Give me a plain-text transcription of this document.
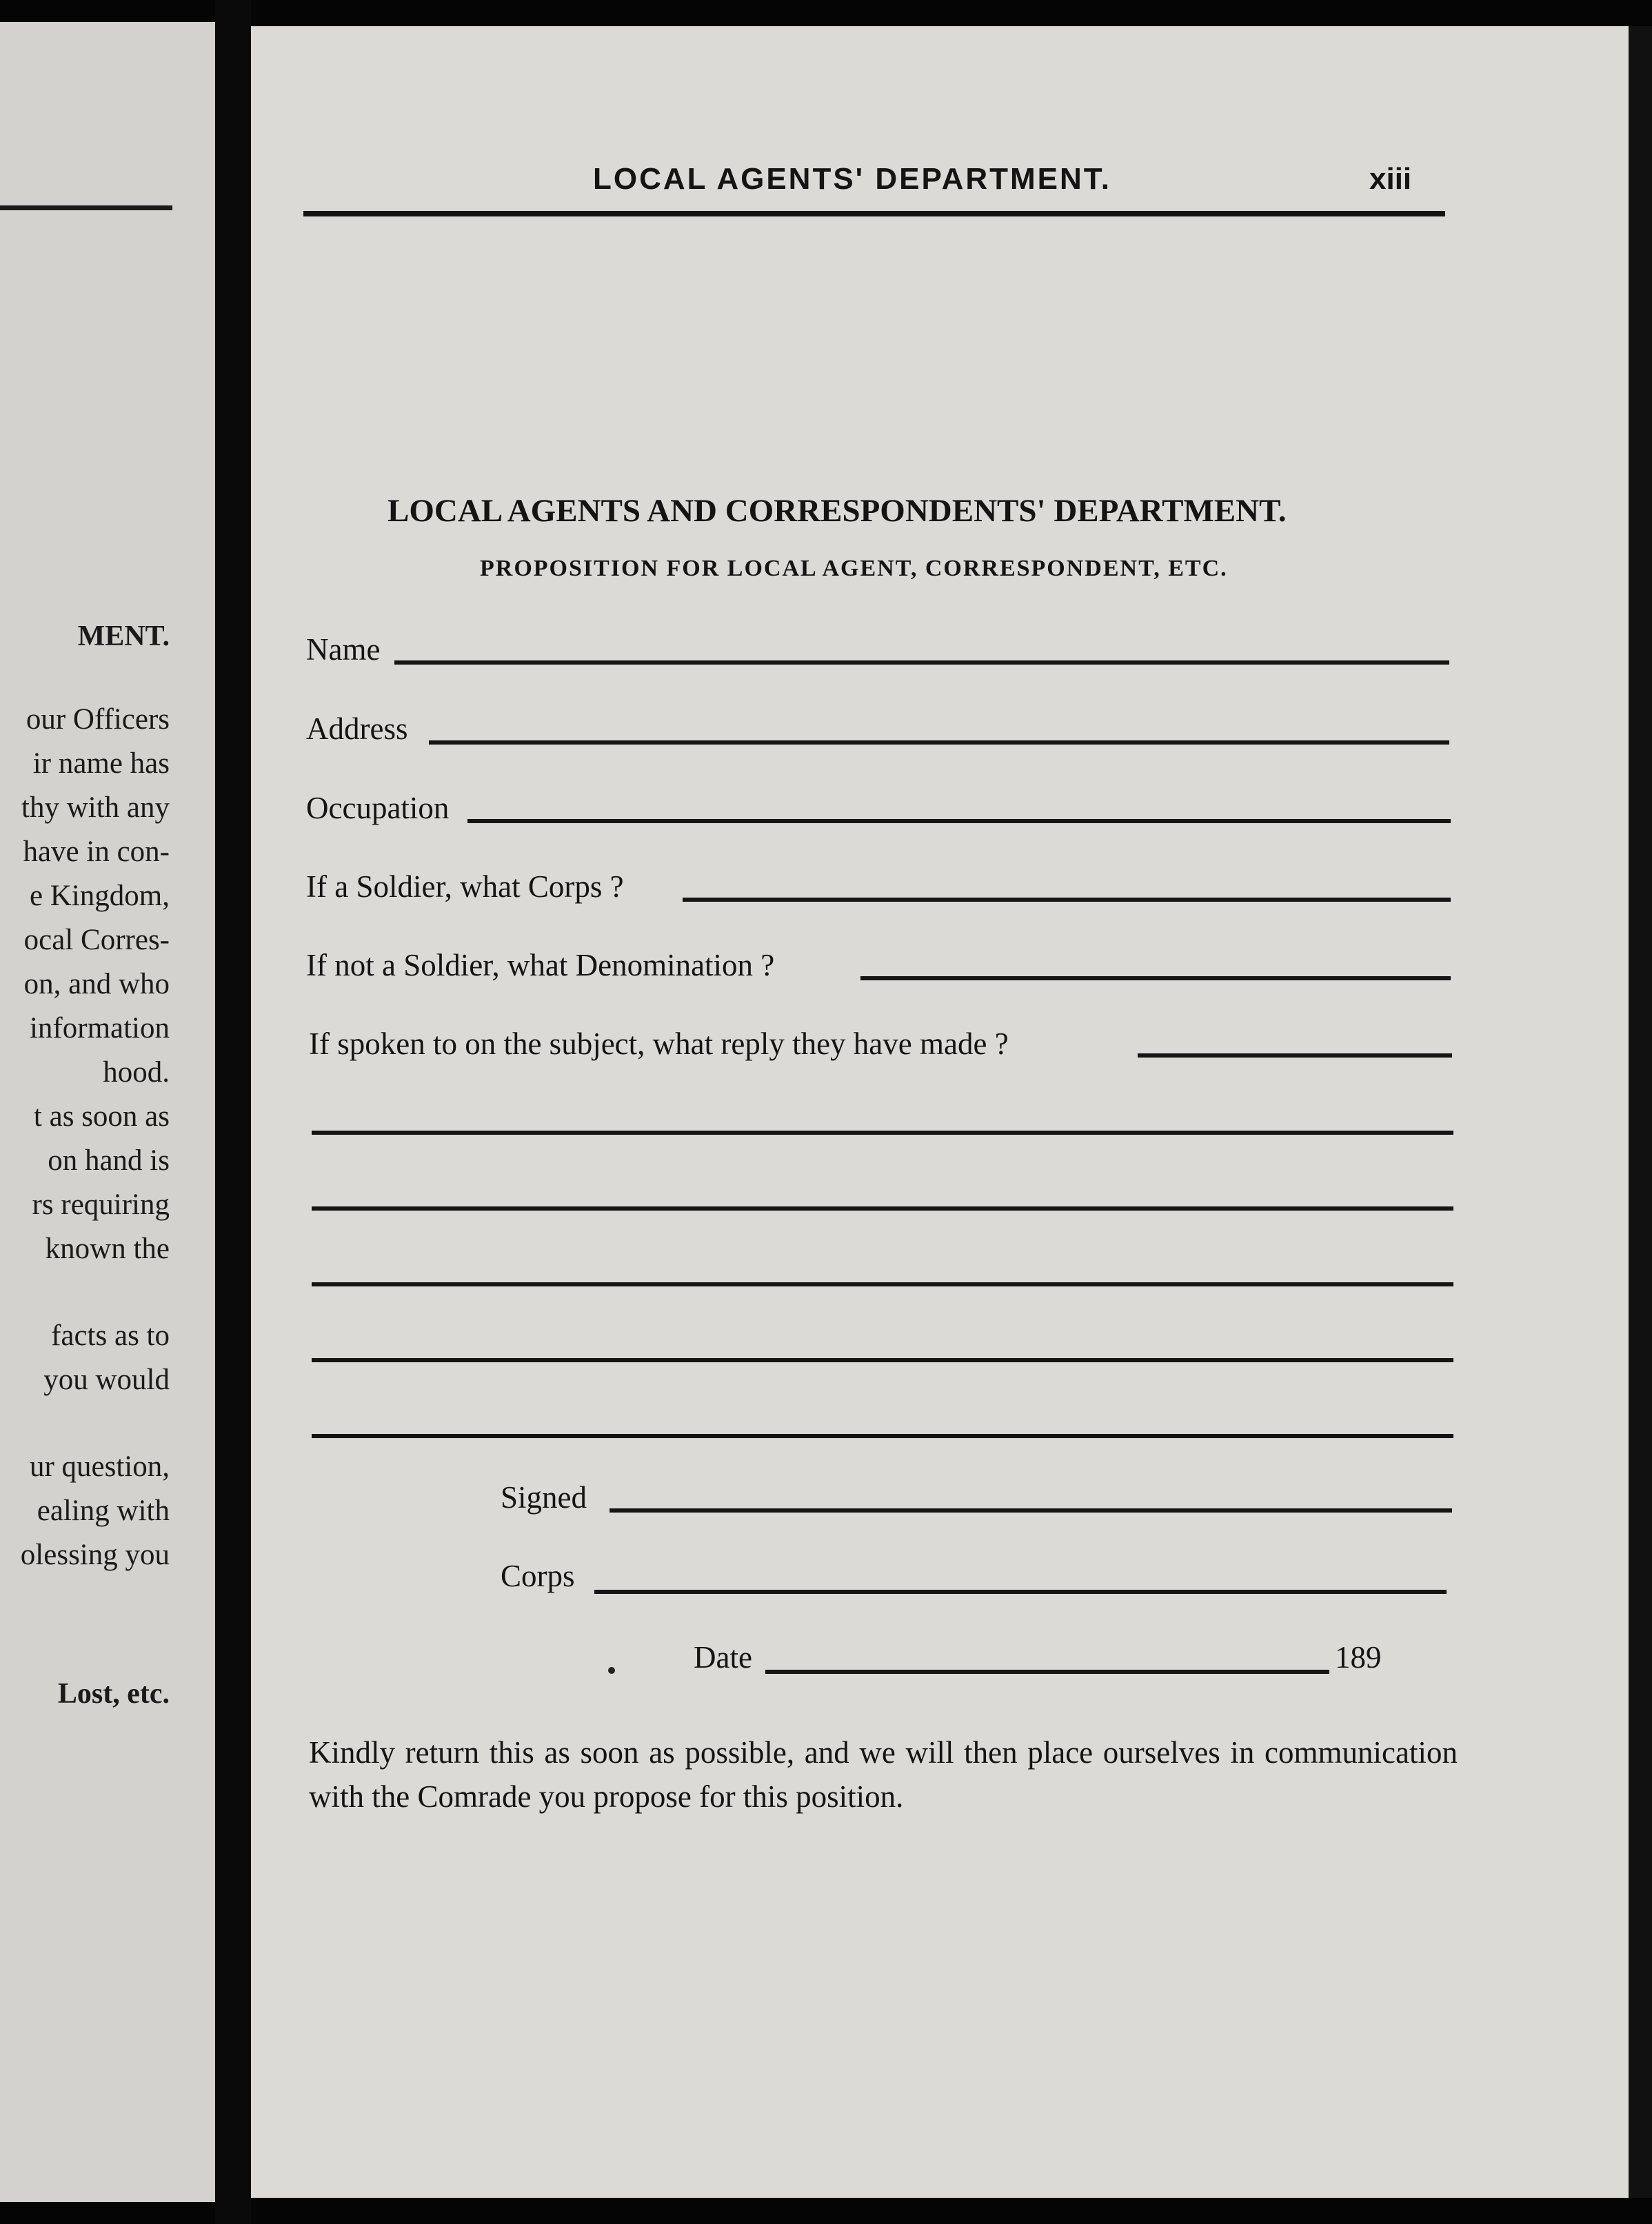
MENT.
our Officers
ir name has
thy with any
have in con-
e Kingdom,
ocal Corres-
on, and who
information
hood.
t as soon as
on hand is
rs requiring
known the
facts as to
you would
ur question,
ealing with
olessing you
Lost, etc.
LOCAL AGENTS' DEPARTMENT.	xiii
LOCAL AGENTS AND CORRESPONDENTS' DEPARTMENT.
PROPOSITION FOR LOCAL AGENT, CORRESPONDENT, ETC.
Name
Address
Occupation
If a Soldier, what Corps ?
If not a Soldier, what Denomination ?
If spoken to on the subject, what reply they have made ?
Signed
Corps
Date	189
Kindly return this as soon as possible, and we will then place ourselves in communication with the Comrade you propose for this position.
